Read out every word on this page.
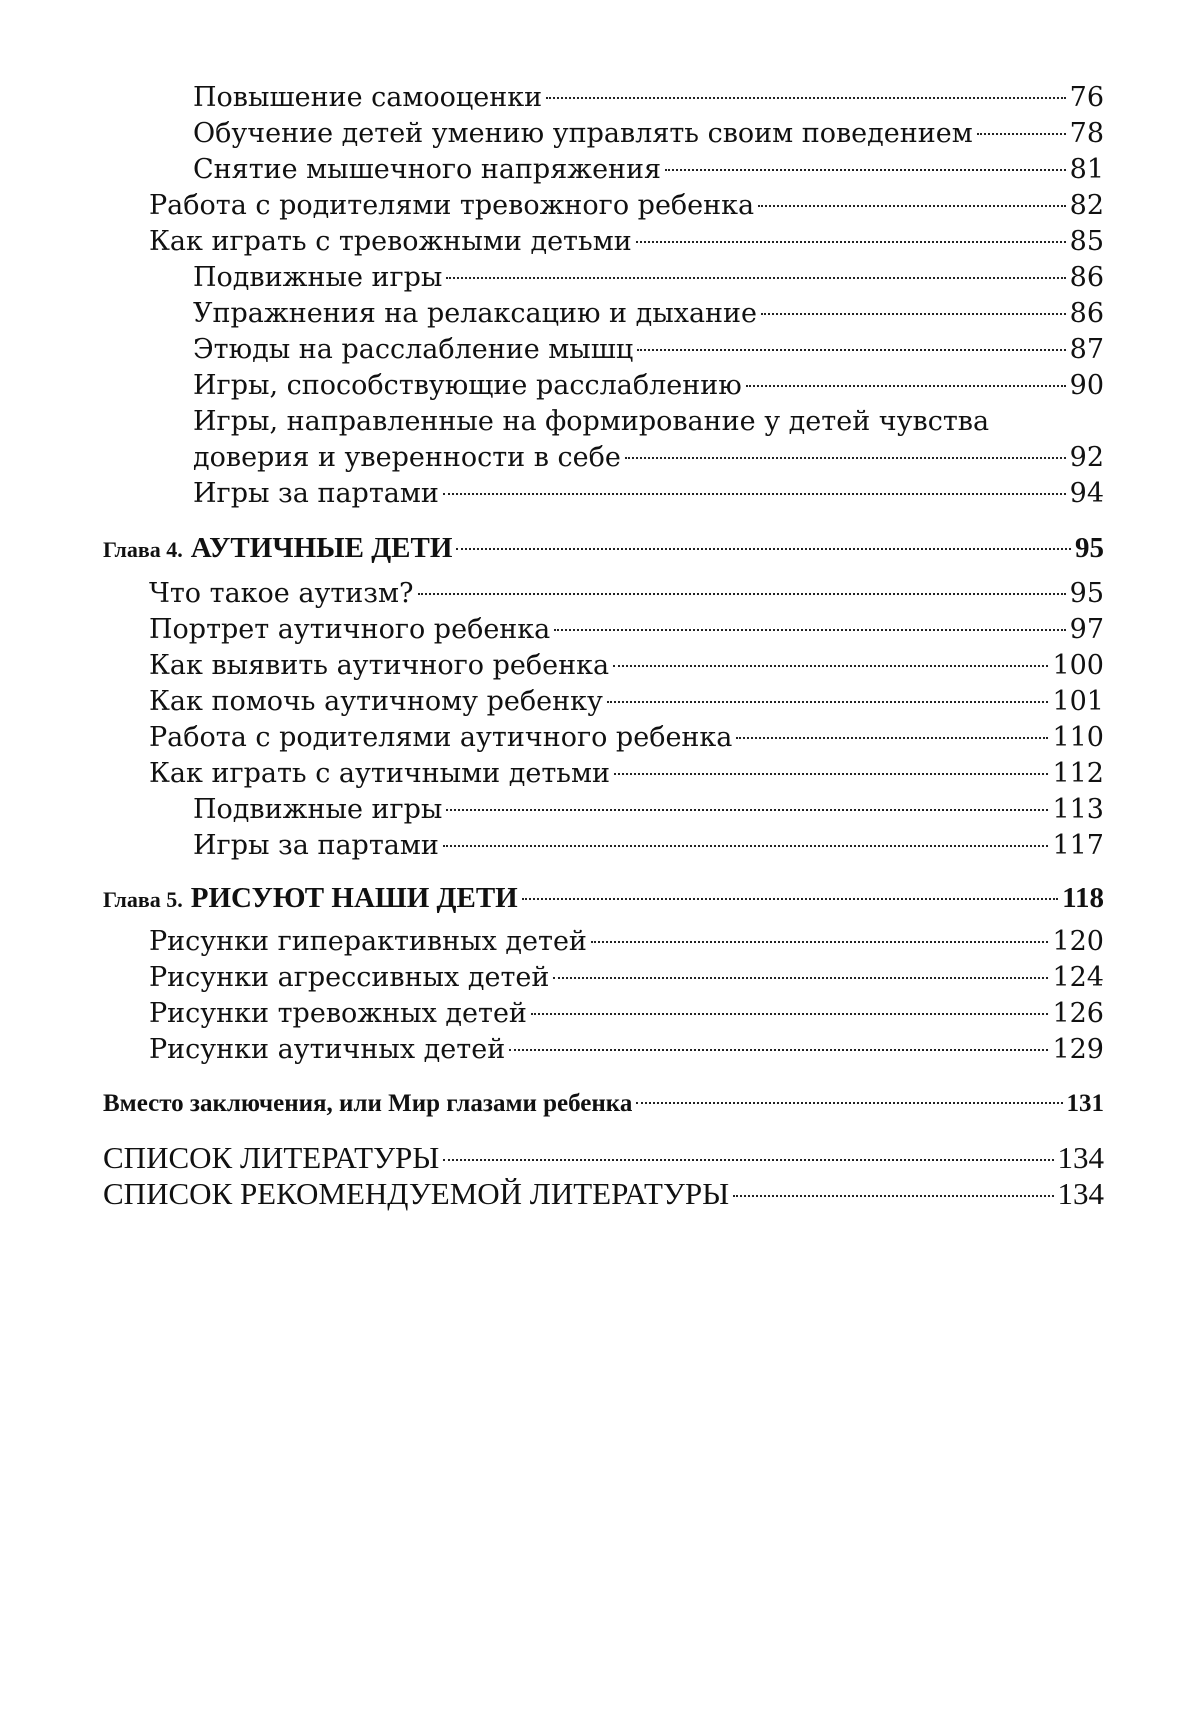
Повышение самооценки	76
Обучение детей умению управлять своим поведением	78
Снятие мышечного напряжения	81
Работа с родителями тревожного ребенка	82
Как играть с тревожными детьми	85
Подвижные игры	86
Упражнения на релаксацию и дыхание	86
Этюды на расслабление мышц	87
Игры, способствующие расслаблению	90
Игры, направленные на формирование у детей чувства
доверия и уверенности в себе	92
Игры за партами	94
Глава 4. АУТИЧНЫЕ ДЕТИ	95
Что такое аутизм?	95
Портрет аутичного ребенка	97
Как выявить аутичного ребенка	100
Как помочь аутичному ребенку	101
Работа с родителями аутичного ребенка	110
Как играть с аутичными детьми	112
Подвижные игры	113
Игры за партами	117
Глава 5. РИСУЮТ НАШИ ДЕТИ	118
Рисунки гиперактивных детей	120
Рисунки агрессивных детей	124
Рисунки тревожных детей	126
Рисунки аутичных детей	129
Вместо заключения, или Мир глазами ребенка	131
СПИСОК ЛИТЕРАТУРЫ	134
СПИСОК РЕКОМЕНДУЕМОЙ ЛИТЕРАТУРЫ	134
